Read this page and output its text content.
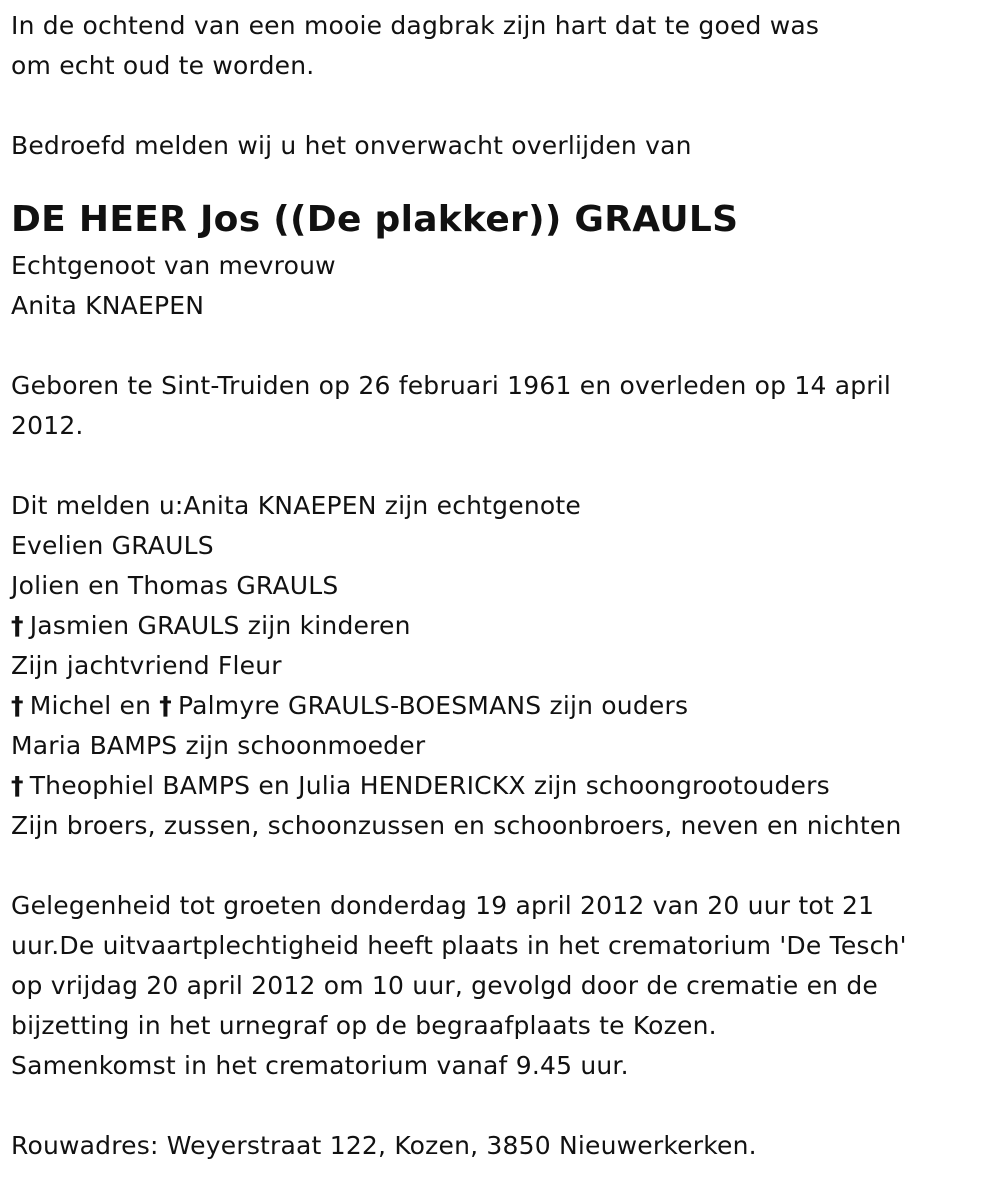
In de ochtend van een mooie dagbrak zijn hart dat te goed was
om echt oud te worden.
Bedroefd melden wij u het onverwacht overlijden van
DE HEER Jos ((De plakker)) GRAULS
Echtgenoot van mevrouw
Anita KNAEPEN
Geboren te Sint-Truiden op 26 februari 1961 en overleden op 14 april
2012.
Dit melden u:Anita KNAEPEN zijn echtgenote
Evelien GRAULS
Jolien en Thomas GRAULS
† Jasmien GRAULS zijn kinderen
Zijn jachtvriend Fleur
† Michel en † Palmyre GRAULS-BOESMANS zijn ouders
Maria BAMPS zijn schoonmoeder
† Theophiel BAMPS en Julia HENDERICKX zijn schoongrootouders
Zijn broers, zussen, schoonzussen en schoonbroers, neven en nichten
Gelegenheid tot groeten donderdag 19 april 2012 van 20 uur tot 21
uur.De uitvaartplechtigheid heeft plaats in het crematorium 'De Tesch'
op vrijdag 20 april 2012 om 10 uur, gevolgd door de crematie en de
bijzetting in het urnegraf op de begraafplaats te Kozen.
Samenkomst in het crematorium vanaf 9.45 uur.
Rouwadres: Weyerstraat 122, Kozen, 3850 Nieuwerkerken.
